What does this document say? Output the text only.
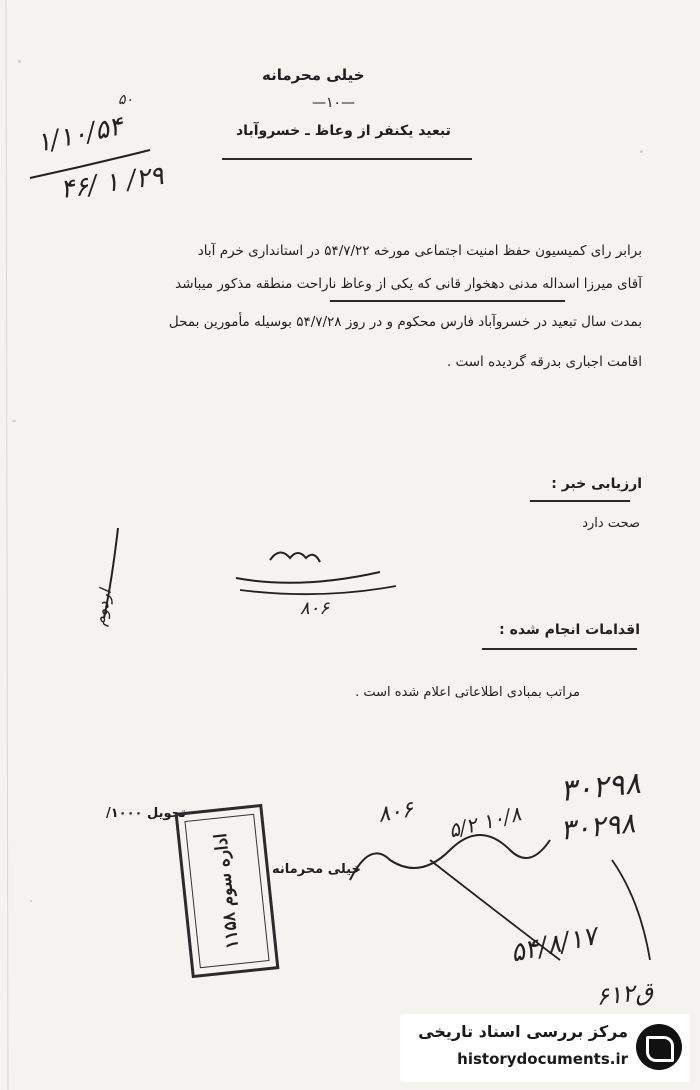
خیلی محرمانه
—۱۰—
تبعید یکنفر از وعاظ ـ خسروآباد
۱/۱۰/۵۴
۴۶/ ۱ /۲۹
۵۰
برابر رای کمیسیون حفظ امنیت اجتماعی مورخه ۵۴/۷/۲۲ در استانداری خرم آباد
آقای میرزا اسداله مدنی دهخوار قانی که یکی از وعاظ ناراحت منطقه مذکور میباشد
بمدت سال تبعید در خسروآباد فارس محکوم و در روز ۵۴/۷/۲۸ بوسیله مأمورین بمحل
اقامت اجباری بدرقه گردیده است .
ارزیابی خبر :
صحت دارد
۸۰۶
اردوم
اقدامات انجام شده :
مراتب بمبادی اطلاعاتی اعلام شده است .
تحویل ۱۰۰۰/
۳۰۲۹۸
۳۰۲۹۸
۸۰۶ ۵/۲ ۱۰/۸
خیلی محرمانه
۵۴/۸/۱۷
ق۶۱۲
اداره سوم ۱۱۵۸
مرکز بررسی اسناد تاریخی
historydocuments.ir
